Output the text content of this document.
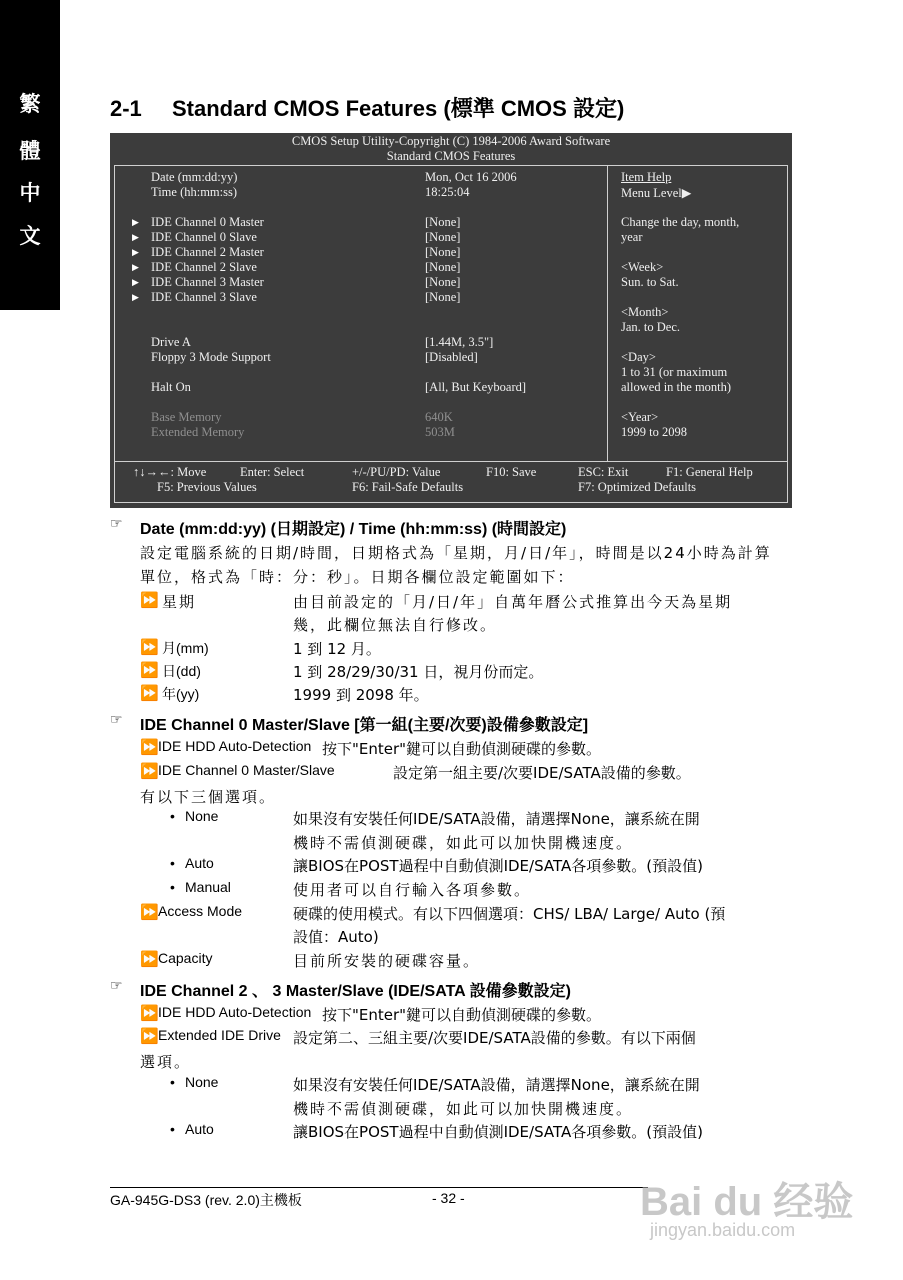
繁
體
中
文
2-1 Standard CMOS Features (標準 CMOS 設定)
CMOS Setup Utility-Copyright (C) 1984-2006 Award Software
Standard CMOS Features
Date (mm:dd:yy)	Mon, Oct 16 2006
Time (hh:mm:ss)	18:25:04
▶ IDE Channel 0 Master	[None]
▶ IDE Channel 0 Slave	[None]
▶ IDE Channel 2 Master	[None]
▶ IDE Channel 2 Slave	[None]
▶ IDE Channel 3 Master	[None]
▶ IDE Channel 3 Slave	[None]
Drive A	[1.44M, 3.5"]
Floppy 3 Mode Support	[Disabled]
Halt On	[All, But Keyboard]
Base Memory	640K
Extended Memory	503M
Item Help
Menu Level▶
Change the day, month,
year
<Week>
Sun. to Sat.
<Month>
Jan. to Dec.
<Day>
1 to 31 (or maximum
allowed in the month)
<Year>
1999 to 2098
↑↓→←: Move	Enter: Select	+/-/PU/PD: Value	F10: Save	ESC: Exit	F1: General Help
F5: Previous Values	F6: Fail-Safe Defaults	F7: Optimized Defaults
☞ Date (mm:dd:yy) (日期設定) / Time (hh:mm:ss) (時間設定)
設定電腦系統的日期/時間，日期格式為「星期，月/日/年」，時間是以24小時為計算
單位，格式為「時：分：秒」。日期各欄位設定範圍如下：
⏩ 星期	由目前設定的「月/日/年」自萬年曆公式推算出今天為星期
幾，此欄位無法自行修改。
⏩ 月(mm)	1 到 12 月。
⏩ 日(dd)	1 到 28/29/30/31 日，視月份而定。
⏩ 年(yy)	1999 到 2098 年。
☞ IDE Channel 0 Master/Slave [第一組(主要/次要)設備參數設定]
⏩ IDE HDD Auto-Detection 按下"Enter"鍵可以自動偵測硬碟的參數。
⏩ IDE Channel 0 Master/Slave	設定第一組主要/次要IDE/SATA設備的參數。
有以下三個選項。
• None	如果沒有安裝任何IDE/SATA設備，請選擇None，讓系統在開
機時不需偵測硬碟，如此可以加快開機速度。
• Auto	讓BIOS在POST過程中自動偵測IDE/SATA各項參數。(預設值)
• Manual	使用者可以自行輸入各項參數。
⏩ Access Mode	硬碟的使用模式。有以下四個選項：CHS/ LBA/ Large/ Auto (預
設值：Auto)
⏩ Capacity	目前所安裝的硬碟容量。
☞ IDE Channel 2 、 3 Master/Slave (IDE/SATA 設備參數設定)
⏩ IDE HDD Auto-Detection 按下"Enter"鍵可以自動偵測硬碟的參數。
⏩ Extended IDE Drive 設定第二、三組主要/次要IDE/SATA設備的參數。有以下兩個
選項。
• None	如果沒有安裝任何IDE/SATA設備，請選擇None，讓系統在開
機時不需偵測硬碟，如此可以加快開機速度。
• Auto	讓BIOS在POST過程中自動偵測IDE/SATA各項參數。(預設值)
GA-945G-DS3 (rev. 2.0)主機板	- 32 -	Bai du 经验
jingyan.baidu.com
